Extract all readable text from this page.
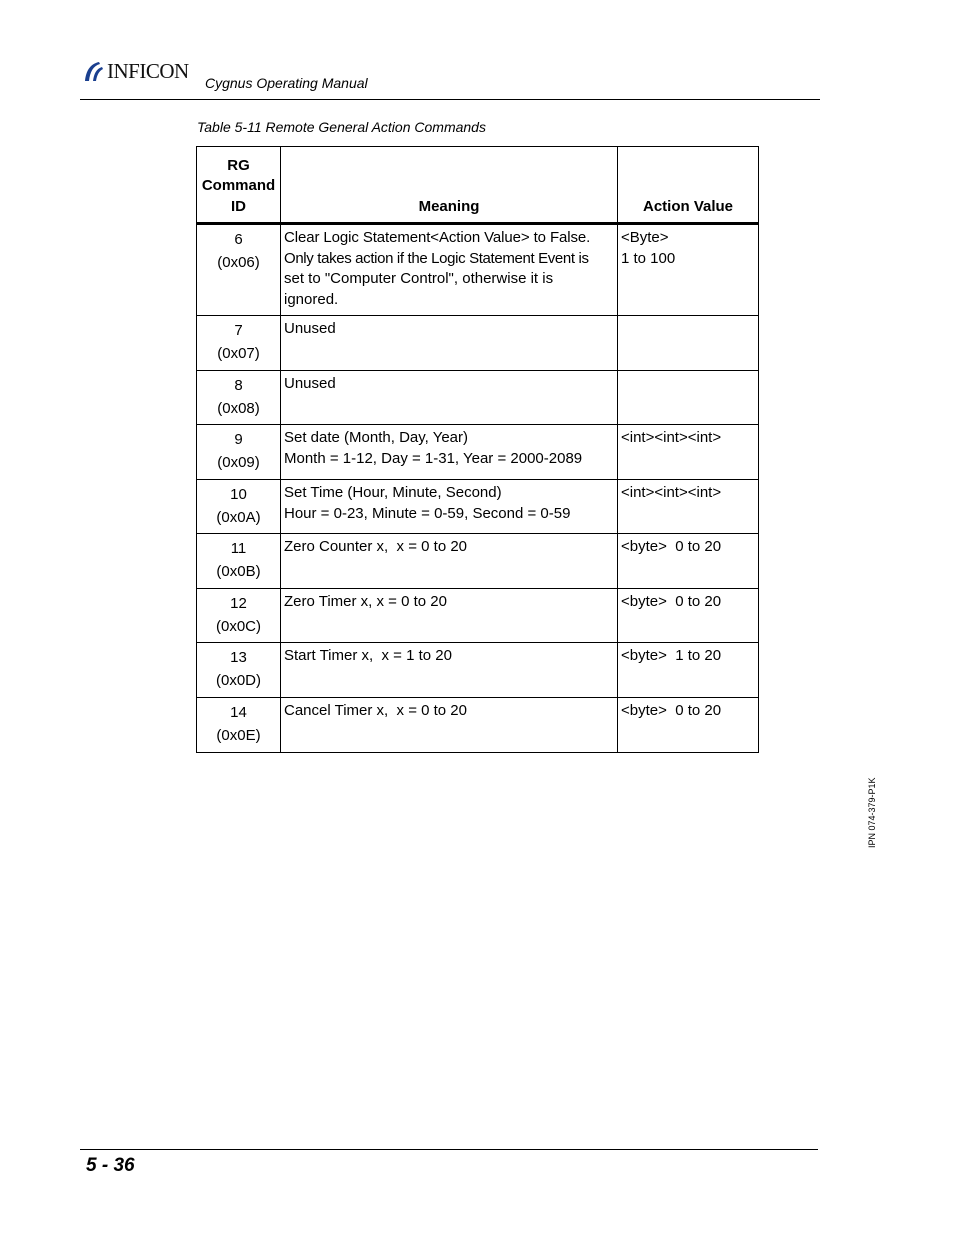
INFICON
Cygnus Operating Manual
Table 5-11 Remote General Action Commands
RG
Command
ID	Meaning	Action Value

6
(0x06)	Clear Logic Statement<Action Value> to False.
Only takes action if the Logic Statement Event is
set to "Computer Control", otherwise it is
ignored.	<Byte>
1 to 100

7
(0x07)	Unused	

8
(0x08)	Unused	

9
(0x09)	Set date (Month, Day, Year)
Month = 1-12, Day = 1-31, Year = 2000-2089	<int><int><int>

10
(0x0A)	Set Time (Hour, Minute, Second)
Hour = 0-23, Minute = 0-59, Second = 0-59	<int><int><int>

11
(0x0B)	Zero Counter x,  x = 0 to 20	<byte>  0 to 20

12
(0x0C)	Zero Timer x, x = 0 to 20	<byte>  0 to 20

13
(0x0D)	Start Timer x,  x = 1 to 20	<byte>  1 to 20

14
(0x0E)	Cancel Timer x,  x = 0 to 20	<byte>  0 to 20
IPN 074-379-P1K
5 - 36
